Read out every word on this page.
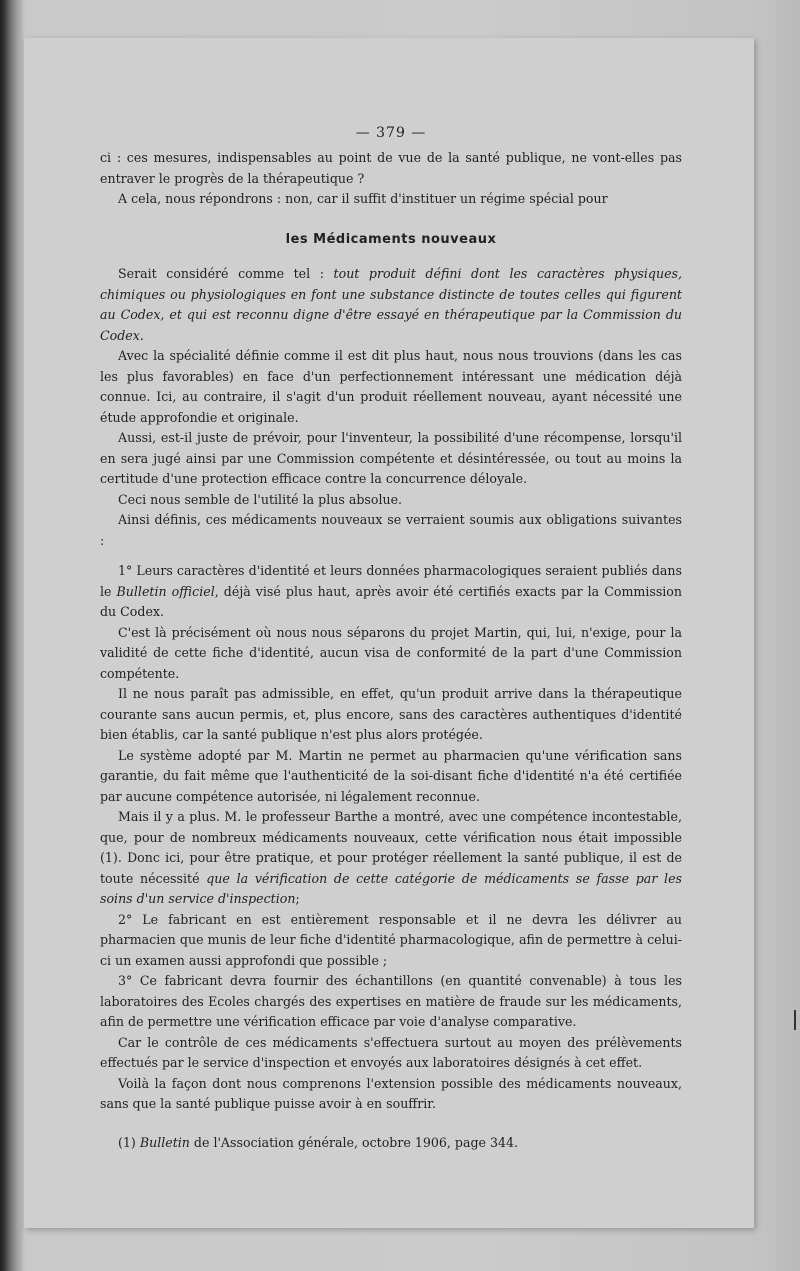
— 379 —

ci : ces mesures, indispensables au point de vue de la santé publique, ne vont-elles pas entraver le progrès de la thérapeutique ?

A cela, nous répondrons : non, car il suffit d'instituer un régime spécial pour

les Médicaments nouveaux

Serait considéré comme tel : tout produit défini dont les caractères physiques, chimiques ou physiologiques en font une substance distincte de toutes celles qui figurent au Codex, et qui est reconnu digne d'être essayé en thérapeutique par la Commission du Codex.

Avec la spécialité définie comme il est dit plus haut, nous nous trouvions (dans les cas les plus favorables) en face d'un perfectionnement intéressant une médication déjà connue. Ici, au contraire, il s'agit d'un produit réellement nouveau, ayant nécessité une étude approfondie et originale.

Aussi, est-il juste de prévoir, pour l'inventeur, la possibilité d'une récompense, lorsqu'il en sera jugé ainsi par une Commission compétente et désintéressée, ou tout au moins la certitude d'une protection efficace contre la concurrence déloyale.

Ceci nous semble de l'utilité la plus absolue.

Ainsi définis, ces médicaments nouveaux se verraient soumis aux obligations suivantes :

1° Leurs caractères d'identité et leurs données pharmacologiques seraient publiés dans le Bulletin officiel, déjà visé plus haut, après avoir été certifiés exacts par la Commission du Codex.

C'est là précisément où nous nous séparons du projet Martin, qui, lui, n'exige, pour la validité de cette fiche d'identité, aucun visa de conformité de la part d'une Commission compétente.

Il ne nous paraît pas admissible, en effet, qu'un produit arrive dans la thérapeutique courante sans aucun permis, et, plus encore, sans des caractères authentiques d'identité bien établis, car la santé publique n'est plus alors protégée.

Le système adopté par M. Martin ne permet au pharmacien qu'une vérification sans garantie, du fait même que l'authenticité de la soi-disant fiche d'identité n'a été certifiée par aucune compétence autorisée, ni légalement reconnue.

Mais il y a plus. M. le professeur Barthe a montré, avec une compétence incontestable, que, pour de nombreux médicaments nouveaux, cette vérification nous était impossible (1). Donc ici, pour être pratique, et pour protéger réellement la santé publique, il est de toute nécessité que la vérification de cette catégorie de médicaments se fasse par les soins d'un service d'inspection;

2° Le fabricant en est entièrement responsable et il ne devra les délivrer au pharmacien que munis de leur fiche d'identité pharmacologique, afin de permettre à celui-ci un examen aussi approfondi que possible ;

3° Ce fabricant devra fournir des échantillons (en quantité convenable) à tous les laboratoires des Ecoles chargés des expertises en matière de fraude sur les médicaments, afin de permettre une vérification efficace par voie d'analyse comparative.

Car le contrôle de ces médicaments s'effectuera surtout au moyen des prélèvements effectués par le service d'inspection et envoyés aux laboratoires désignés à cet effet.

Voilà la façon dont nous comprenons l'extension possible des médicaments nouveaux, sans que la santé publique puisse avoir à en souffrir.

(1) Bulletin de l'Association générale, octobre 1906, page 344.
